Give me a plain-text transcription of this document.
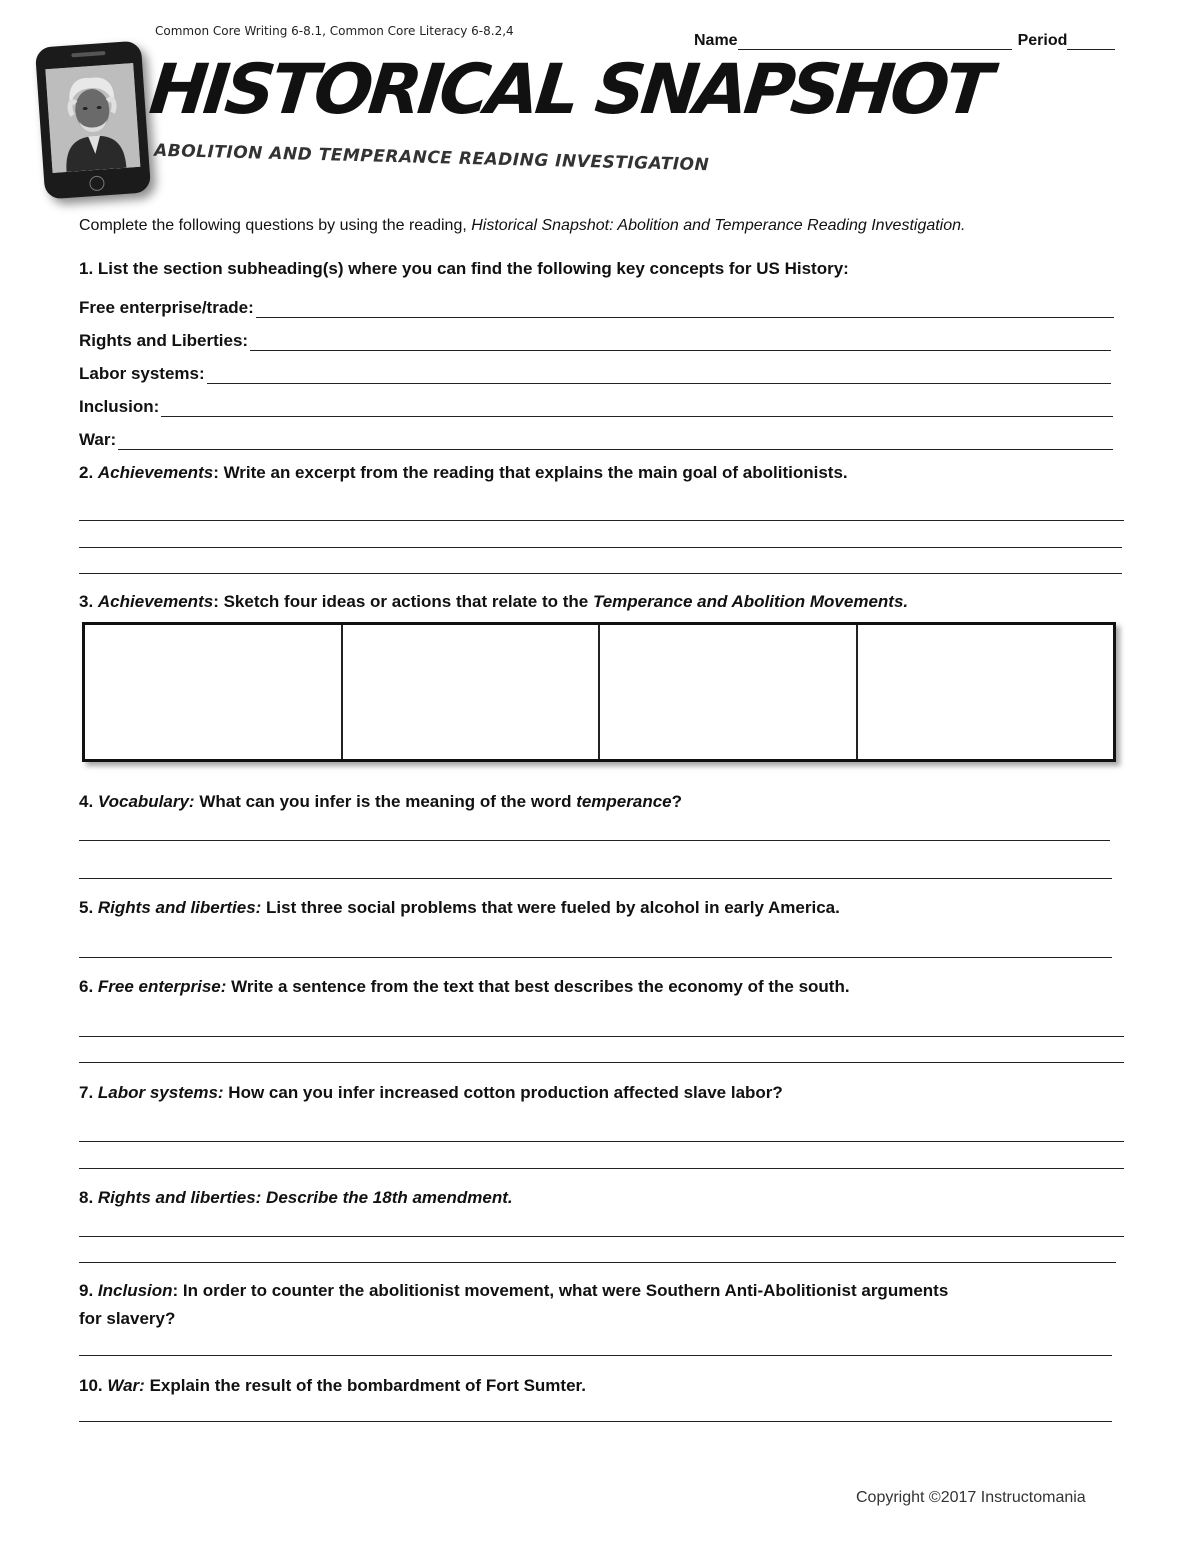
Common Core Writing 6-8.1, Common Core Literacy 6-8.2,4
Name	Period
HISTORICAL SNAPSHOT
ABOLITION AND TEMPERANCE READING INVESTIGATION
Complete the following questions by using the reading, Historical Snapshot: Abolition and Temperance Reading Investigation.
1. List the section subheading(s) where you can find the following key concepts for US History:
Free enterprise/trade:
Rights and Liberties:
Labor systems:
Inclusion:
War:
2. Achievements: Write an excerpt from the reading that explains the main goal of abolitionists.
3. Achievements: Sketch four ideas or actions that relate to the Temperance and Abolition Movements.
4. Vocabulary: What can you infer is the meaning of the word temperance?
5. Rights and liberties: List three social problems that were fueled by alcohol in early America.
6. Free enterprise: Write a sentence from the text that best describes the economy of the south.
7. Labor systems: How can you infer increased cotton production affected slave labor?
8. Rights and liberties: Describe the 18th amendment.
9. Inclusion: In order to counter the abolitionist movement, what were Southern Anti-Abolitionist arguments
for slavery?
10. War: Explain the result of the bombardment of Fort Sumter.
Copyright ©2017 Instructomania
